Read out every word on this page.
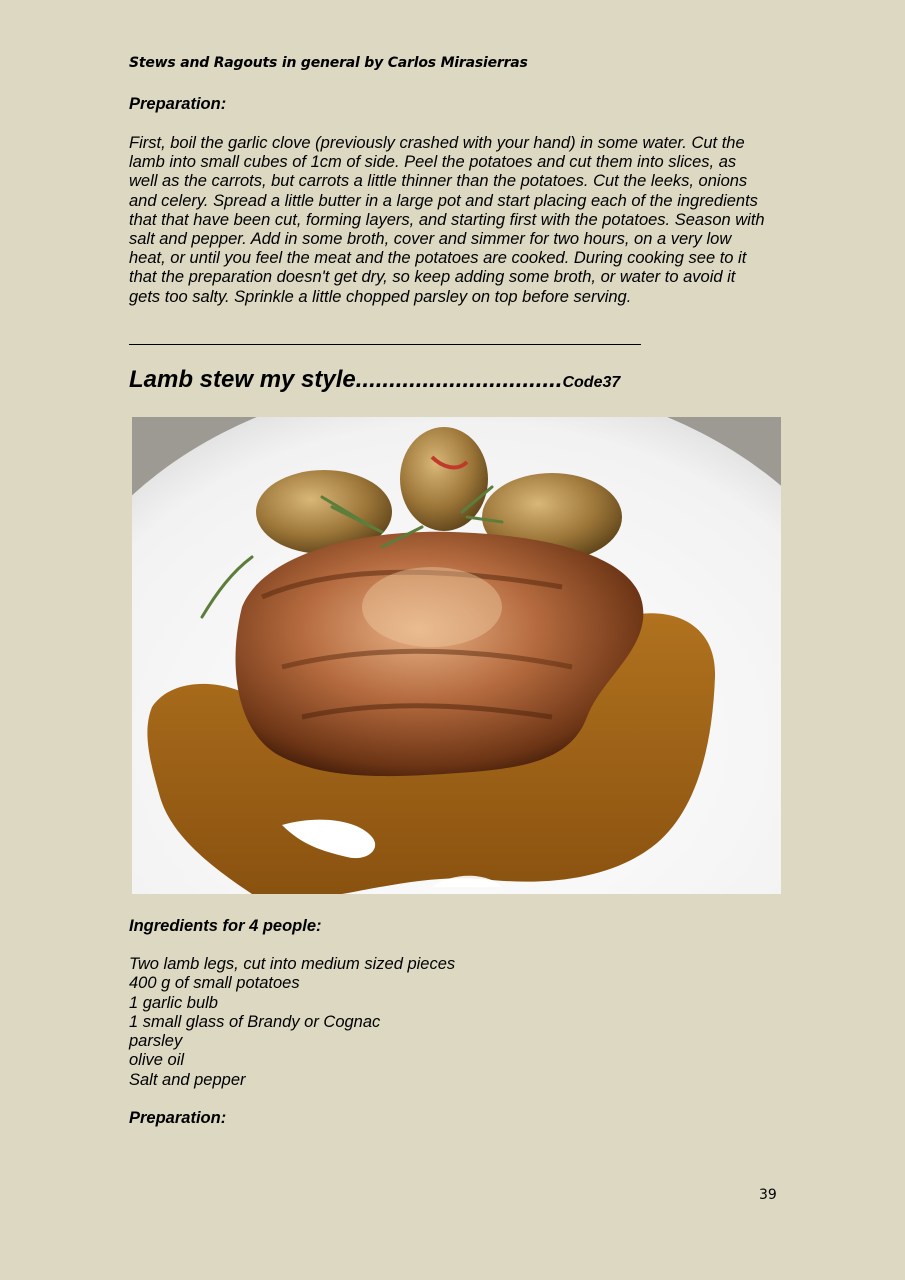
Stews and Ragouts in general by Carlos Mirasierras
Preparation:
First, boil the garlic clove (previously crashed with your hand) in some water. Cut the
lamb into small cubes of 1cm of side. Peel the potatoes and cut them into slices, as
well as the carrots, but carrots a little thinner than the potatoes. Cut the leeks, onions
and celery. Spread a little butter in a large pot and start placing each of the ingredients
that that have been cut, forming layers, and starting first with the potatoes. Season with
salt and pepper. Add in some broth, cover and simmer for two hours, on a very low
heat, or until you feel the meat and the potatoes are cooked. During cooking see to it
that the preparation doesn't get dry, so keep adding some broth, or water to avoid it
gets too salty. Sprinkle a little chopped parsley on top before serving.
Lamb stew my style...............................Code37
Ingredients for 4 people:
Two lamb legs, cut into medium sized pieces
400 g of small potatoes
1 garlic bulb
1 small glass of Brandy or Cognac
parsley
olive oil
Salt and pepper
Preparation:
39
